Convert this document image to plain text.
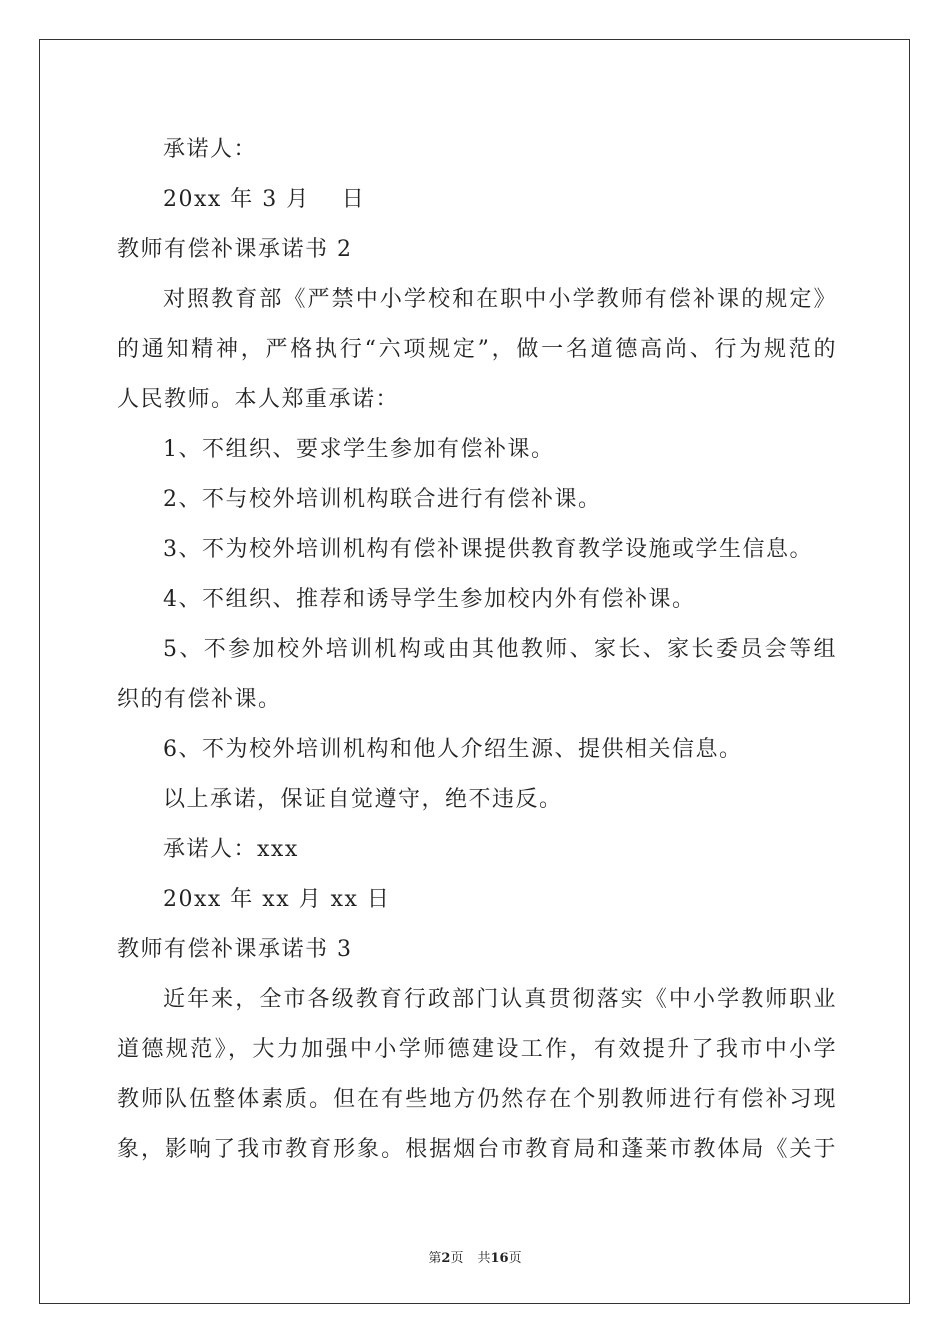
承诺人：
20xx 年 3 月　 日
教师有偿补课承诺书 2
对照教育部《严禁中小学校和在职中小学教师有偿补课的规定》
的通知精神，严格执行“六项规定”，做一名道德高尚、行为规范的
人民教师。本人郑重承诺：
1、不组织、要求学生参加有偿补课。
2、不与校外培训机构联合进行有偿补课。
3、不为校外培训机构有偿补课提供教育教学设施或学生信息。
4、不组织、推荐和诱导学生参加校内外有偿补课。
5、不参加校外培训机构或由其他教师、家长、家长委员会等组
织的有偿补课。
6、不为校外培训机构和他人介绍生源、提供相关信息。
以上承诺，保证自觉遵守，绝不违反。
承诺人：xxx
20xx 年 xx 月 xx 日
教师有偿补课承诺书 3
近年来，全市各级教育行政部门认真贯彻落实《中小学教师职业
道德规范》，大力加强中小学师德建设工作，有效提升了我市中小学
教师队伍整体素质。但在有些地方仍然存在个别教师进行有偿补习现
象，影响了我市教育形象。根据烟台市教育局和蓬莱市教体局《关于
第2页 共16页
